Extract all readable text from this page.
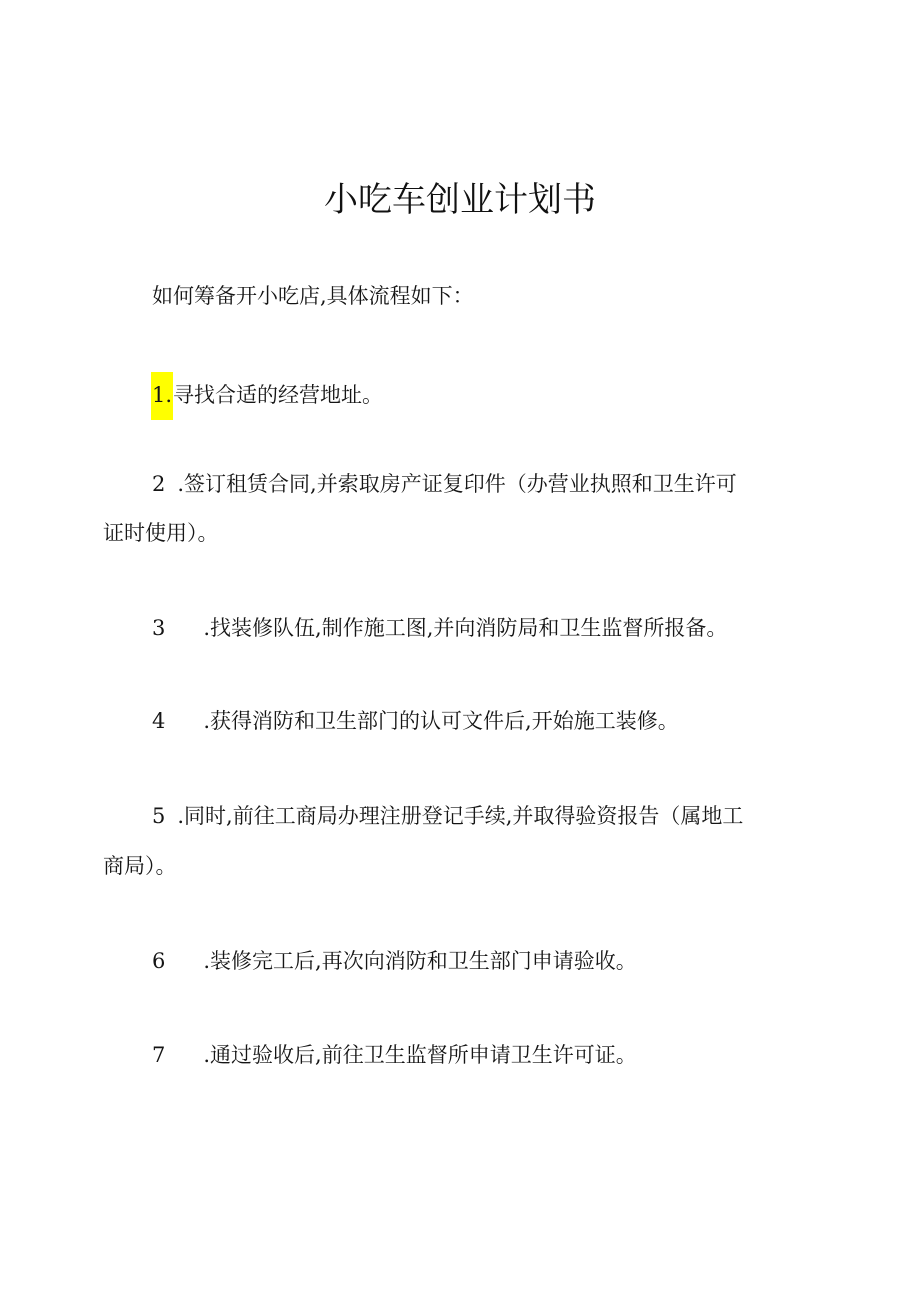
小吃车创业计划书
如何筹备开小吃店,具体流程如下：
1.寻找合适的经营地址。
2 .签订租赁合同,并索取房产证复印件（办营业执照和卫生许可
证时使用）。
3 .找装修队伍,制作施工图,并向消防局和卫生监督所报备。
4 .获得消防和卫生部门的认可文件后,开始施工装修。
5 .同时,前往工商局办理注册登记手续,并取得验资报告（属地工
商局）。
6 .装修完工后,再次向消防和卫生部门申请验收。
7 .通过验收后,前往卫生监督所申请卫生许可证。
